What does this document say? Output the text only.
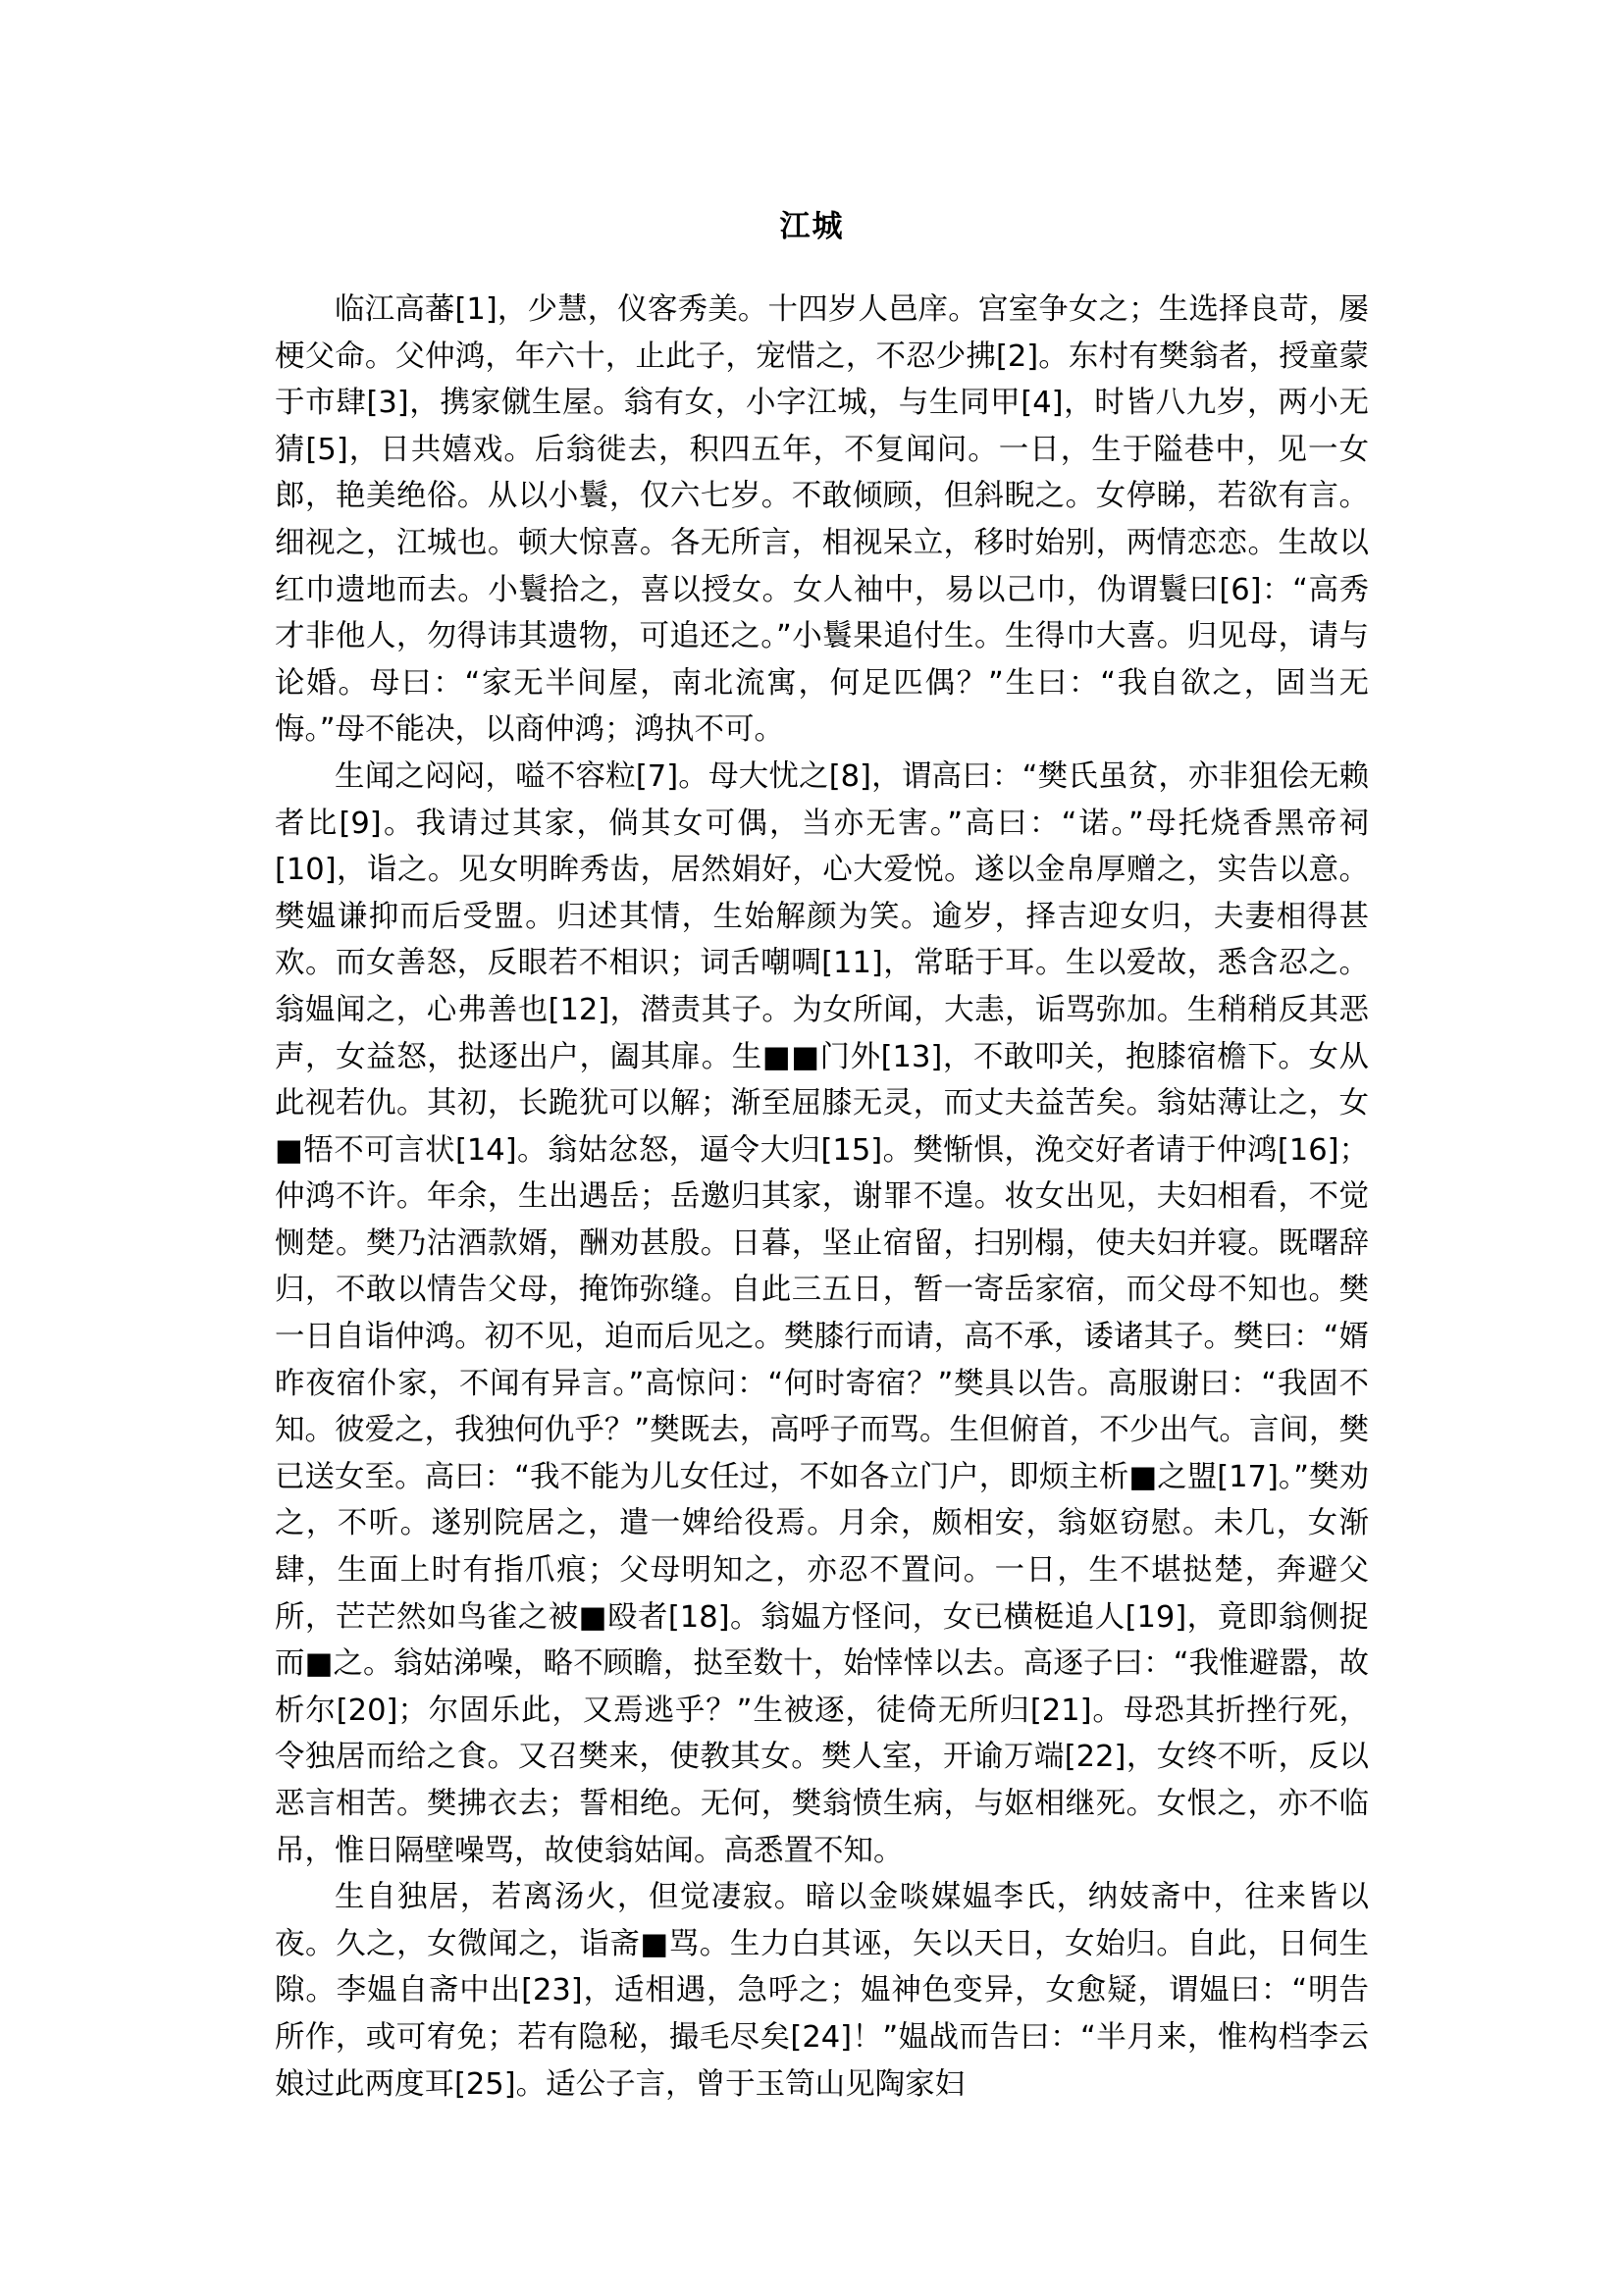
江城

临江高蕃[1]，少慧，仪客秀美。十四岁人邑庠。宫室争女之；生选择良苛，屡梗父命。父仲鸿，年六十，止此子，宠惜之，不忍少拂[2]。东村有樊翁者，授童蒙于市肆[3]，携家僦生屋。翁有女，小字江城，与生同甲[4]，时皆八九岁，两小无猜[5]，日共嬉戏。后翁徙去，积四五年，不复闻问。一日，生于隘巷中，见一女郎，艳美绝俗。从以小鬟，仅六七岁。不敢倾顾，但斜睨之。女停睇，若欲有言。细视之，江城也。顿大惊喜。各无所言，相视呆立，移时始别，两情恋恋。生故以红巾遗地而去。小鬟拾之，喜以授女。女人袖中，易以己巾，伪谓鬟曰[6]：“高秀才非他人，勿得讳其遗物，可追还之。”小鬟果追付生。生得巾大喜。归见母，请与论婚。母曰：“家无半间屋，南北流寓，何足匹偶？”生曰：“我自欲之，固当无悔。”母不能决，以商仲鸿；鸿执不可。

生闻之闷闷，嗌不容粒[7]。母大忧之[8]，谓高曰：“樊氏虽贫，亦非狙侩无赖者比[9]。我请过其家，倘其女可偶，当亦无害。”高曰：“诺。”母托烧香黑帝祠[10]，诣之。见女明眸秀齿，居然娟好，心大爱悦。遂以金帛厚赠之，实告以意。樊媪谦抑而后受盟。归述其情，生始解颜为笑。逾岁，择吉迎女归，夫妻相得甚欢。而女善怒，反眼若不相识；词舌嘲啁[11]，常聒于耳。生以爱故，悉含忍之。翁媪闻之，心弗善也[12]，潜责其子。为女所闻，大恚，诟骂弥加。生稍稍反其恶声，女益怒，挞逐出户，阖其扉。生■■门外[13]，不敢叩关，抱膝宿檐下。女从此视若仇。其初，长跪犹可以解；渐至屈膝无灵，而丈夫益苦矣。翁姑薄让之，女■牾不可言状[14]。翁姑忿怒，逼令大归[15]。樊惭惧，浼交好者请于仲鸿[16]；仲鸿不许。年余，生出遇岳；岳邀归其家，谢罪不遑。妆女出见，夫妇相看，不觉恻楚。樊乃沽酒款婿，酬劝甚殷。日暮，坚止宿留，扫别榻，使夫妇并寝。既曙辞归，不敢以情告父母，掩饰弥缝。自此三五日，暂一寄岳家宿，而父母不知也。樊一日自诣仲鸿。初不见，迫而后见之。樊膝行而请，高不承，诿诸其子。樊曰：“婿昨夜宿仆家，不闻有异言。”高惊问：“何时寄宿？”樊具以告。高服谢曰：“我固不知。彼爱之，我独何仇乎？”樊既去，高呼子而骂。生但俯首，不少出气。言间，樊已送女至。高曰：“我不能为儿女任过，不如各立门户，即烦主析■之盟[17]。”樊劝之，不听。遂别院居之，遣一婢给役焉。月余，颇相安，翁妪窃慰。未几，女渐肆，生面上时有指爪痕；父母明知之，亦忍不置问。一日，生不堪挞楚，奔避父所，芒芒然如鸟雀之被■殴者[18]。翁媪方怪问，女已横梃追人[19]，竟即翁侧捉而■之。翁姑涕噪，略不顾瞻，挞至数十，始悻悻以去。高逐子曰：“我惟避嚣，故析尔[20]；尔固乐此，又焉逃乎？”生被逐，徒倚无所归[21]。母恐其折挫行死，令独居而给之食。又召樊来，使教其女。樊人室，开谕万端[22]，女终不听，反以恶言相苦。樊拂衣去；誓相绝。无何，樊翁愤生病，与妪相继死。女恨之，亦不临吊，惟日隔壁噪骂，故使翁姑闻。高悉置不知。

生自独居，若离汤火，但觉凄寂。暗以金啖媒媪李氏，纳妓斋中，往来皆以夜。久之，女微闻之，诣斋■骂。生力白其诬，矢以天日，女始归。自此，日伺生隙。李媪自斋中出[23]，适相遇，急呼之；媪神色变异，女愈疑，谓媪曰：“明告所作，或可宥免；若有隐秘，撮毛尽矣[24]！”媪战而告曰：“半月来，惟构档李云娘过此两度耳[25]。适公子言，曾于玉笥山见陶家妇
